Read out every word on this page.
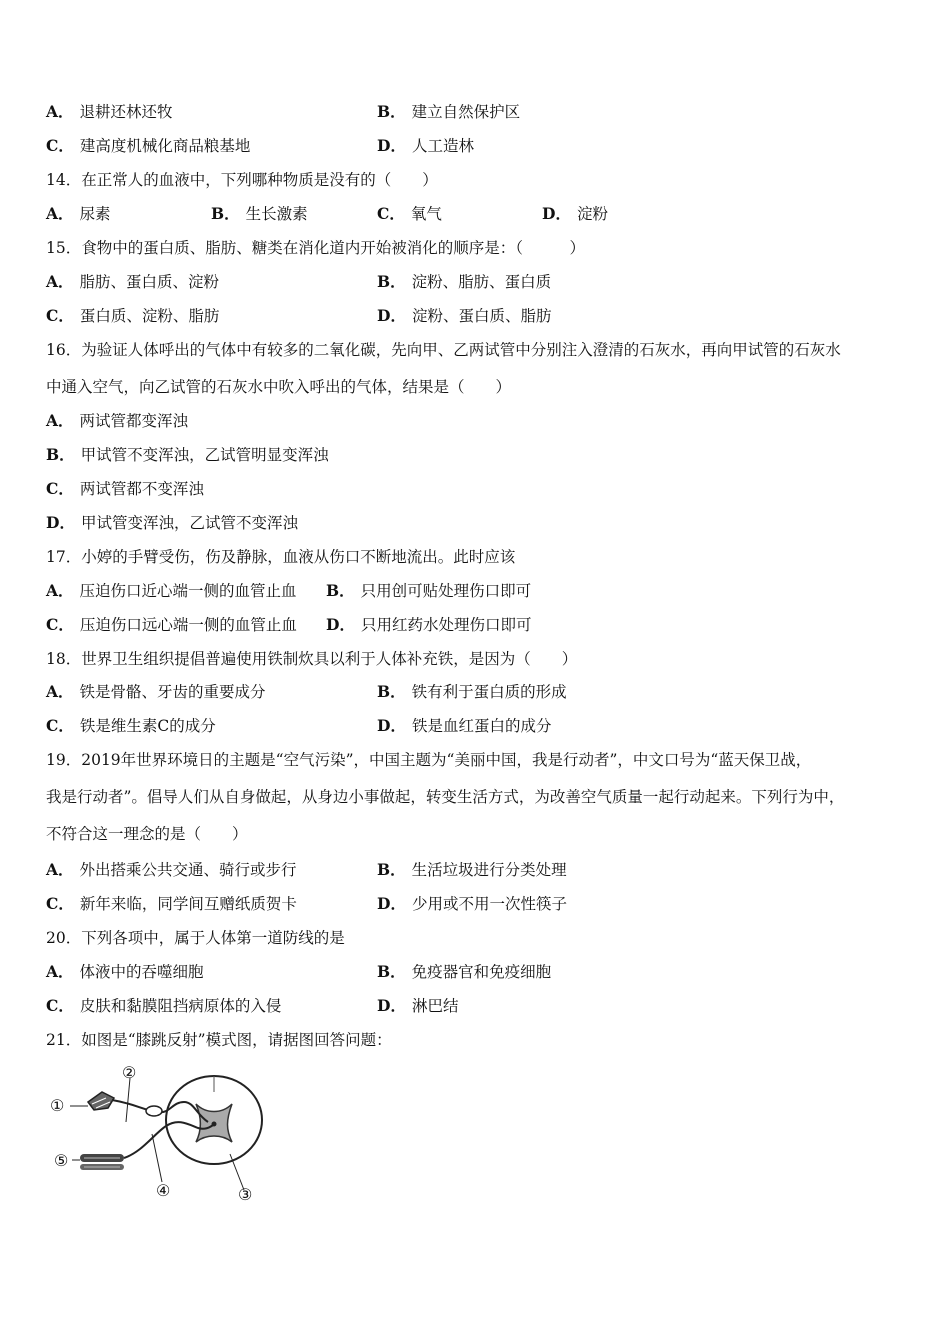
A． 退耕还林还牧	B． 建立自然保护区
C． 建高度机械化商品粮基地	D． 人工造林
14．在正常人的血液中，下列哪种物质是没有的（　　）
A． 尿素	B． 生长激素	C． 氧气	D． 淀粉
15．食物中的蛋白质、脂肪、糖类在消化道内开始被消化的顺序是：（　　　）
A． 脂肪、蛋白质、淀粉	B． 淀粉、脂肪、蛋白质
C． 蛋白质、淀粉、脂肪	D． 淀粉、蛋白质、脂肪
16．为验证人体呼出的气体中有较多的二氧化碳，先向甲、乙两试管中分别注入澄清的石灰水，再向甲试管的石灰水
中通入空气，向乙试管的石灰水中吹入呼出的气体，结果是（　　）
A． 两试管都变浑浊
B． 甲试管不变浑浊，乙试管明显变浑浊
C． 两试管都不变浑浊
D． 甲试管变浑浊，乙试管不变浑浊
17．小婷的手臂受伤，伤及静脉，血液从伤口不断地流出。此时应该
A． 压迫伤口近心端一侧的血管止血 B． 只用创可贴处理伤口即可
C． 压迫伤口远心端一侧的血管止血 D． 只用红药水处理伤口即可
18．世界卫生组织提倡普遍使用铁制炊具以利于人体补充铁，是因为（　　）
A． 铁是骨骼、牙齿的重要成分	B． 铁有利于蛋白质的形成
C． 铁是维生素C的成分	D． 铁是血红蛋白的成分
19．2019年世界环境日的主题是“空气污染”，中国主题为“美丽中国，我是行动者”，中文口号为“蓝天保卫战，
我是行动者”。倡导人们从自身做起，从身边小事做起，转变生活方式，为改善空气质量一起行动起来。下列行为中，
不符合这一理念的是（　　）
A． 外出搭乘公共交通、骑行或步行	B． 生活垃圾进行分类处理
C． 新年来临，同学间互赠纸质贺卡	D． 少用或不用一次性筷子
20．下列各项中，属于人体第一道防线的是
A． 体液中的吞噬细胞	B． 免疫器官和免疫细胞
C． 皮肤和黏膜阻挡病原体的入侵	D． 淋巴结
21．如图是“膝跳反射”模式图，请据图回答问题：
①
②
③
④
⑤
